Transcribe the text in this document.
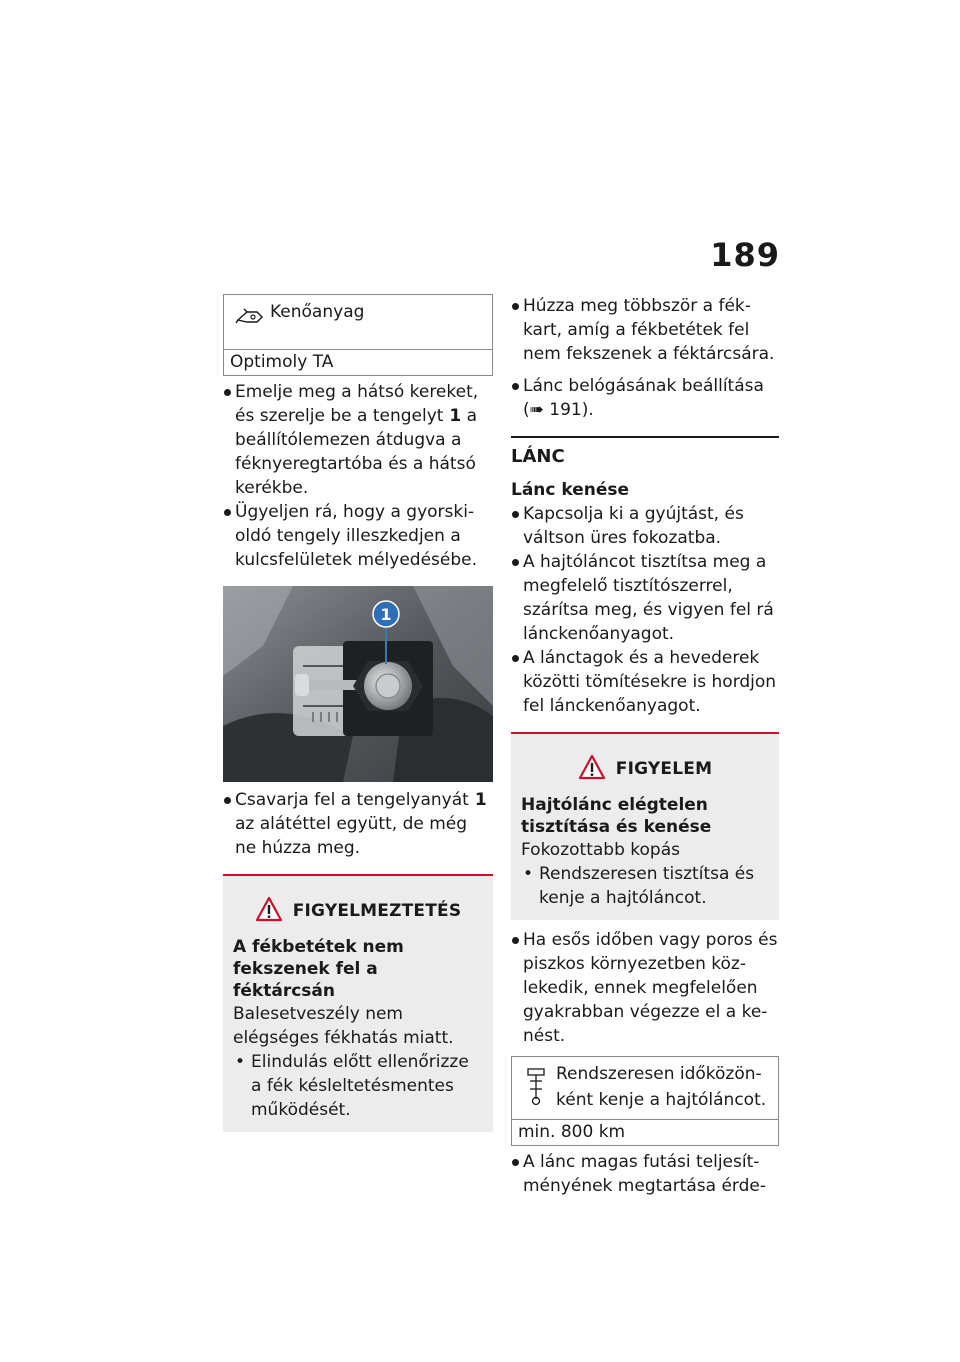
189
Kenőanyag
Optimoly TA
Emelje meg a hátsó kereket, és szerelje be a tengelyt 1 a beállítólemezen átdugva a féknyeregtartóba és a hátsó kerékbe.
Ügyeljen rá, hogy a gyorskioldó tengely illeszkedjen a kulcsfelületek mélyedésébe.
1
Csavarja fel a tengelyanyát 1 az alátéttel együtt, de még ne húzza meg.
FIGYELMEZTETÉS
A fékbetétek nem fekszenek fel a féktárcsán
Balesetveszély nem elégséges fékhatás miatt.
• Elindulás előtt ellenőrizze a fék késleltetésmentes működését.
Húzza meg többször a fékkart, amíg a fékbetétek fel nem fekszenek a féktárcsára.
Lánc belógásának beállítása (➠ 191).
LÁNC
Lánc kenése
Kapcsolja ki a gyújtást, és váltson üres fokozatba.
A hajtóláncot tisztítsa meg a megfelelő tisztítószerrel, szárítsa meg, és vigyen fel rá lánckenőanyagot.
A lánctagok és a hevederek közötti tömítésekre is hordjon fel lánckenőanyagot.
FIGYELEM
Hajtólánc elégtelen tisztítása és kenése
Fokozottabb kopás
• Rendszeresen tisztítsa és kenje a hajtóláncot.
Ha esős időben vagy poros és piszkos környezetben közlekedik, ennek megfelelően gyakrabban végezze el a kenést.
Rendszeresen időközönként kenje a hajtóláncot.
min. 800 km
A lánc magas futási teljesítményének megtartása érde-
